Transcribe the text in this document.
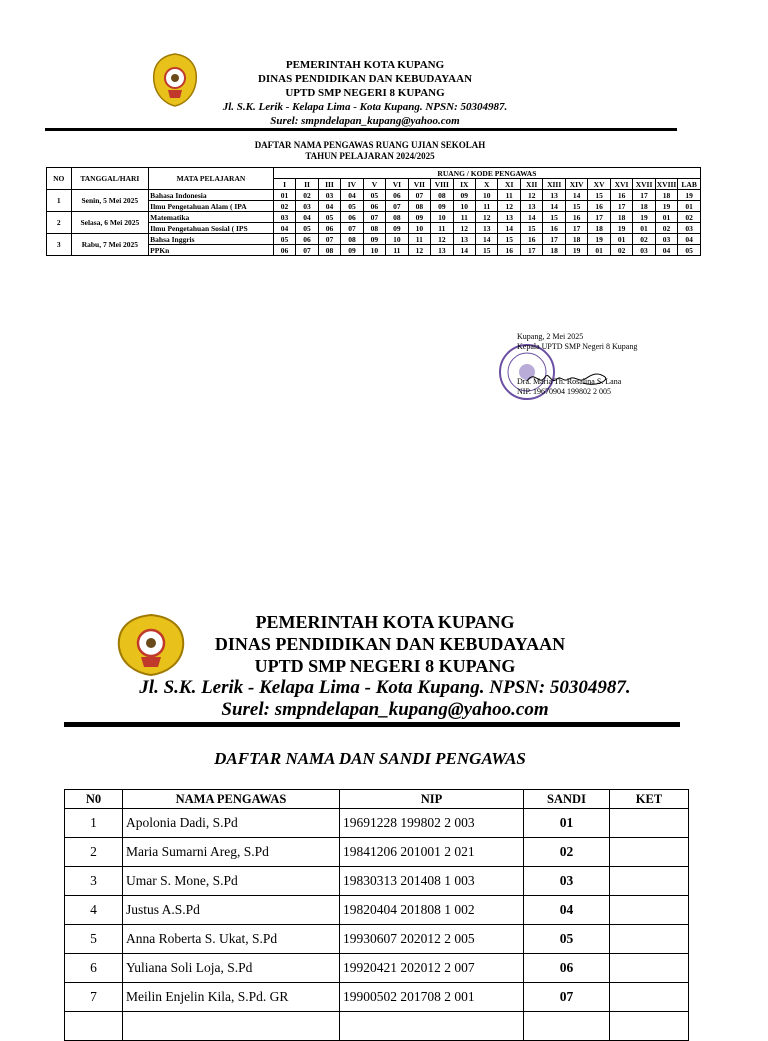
PEMERINTAH KOTA KUPANG
DINAS PENDIDIKAN DAN KEBUDAYAAN
UPTD SMP NEGERI 8 KUPANG
Jl. S.K. Lerik - Kelapa Lima - Kota Kupang. NPSN: 50304987.
Surel: smpndelapan_kupang@yahoo.com
DAFTAR NAMA PENGAWAS RUANG UJIAN SEKOLAH
TAHUN PELAJARAN 2024/2025
NO	TANGGAL/HARI	MATA PELAJARAN	RUANG / KODE PENGAWAS																		
			I	II	III	IV	V	VI	VII	VIII	IX	X	XI	XII	XIII	XIV	XV	XVI	XVII	XVIII	LAB
1	Senin, 5 Mei 2025	Bahasa Indonesia	01	02	03	04	05	06	07	08	09	10	11	12	13	14	15	16	17	18	19
		Ilmu Pengetahuan Alam ( IPA	02	03	04	05	06	07	08	09	10	11	12	13	14	15	16	17	18	19	01
2	Selasa, 6 Mei 2025	Matematika	03	04	05	06	07	08	09	10	11	12	13	14	15	16	17	18	19	01	02
		Ilmu Pengetahuan Sosial ( IPS	04	05	06	07	08	09	10	11	12	13	14	15	16	17	18	19	01	02	03
3	Rabu, 7 Mei 2025	Bahsa Inggris	05	06	07	08	09	10	11	12	13	14	15	16	17	18	19	01	02	03	04
		PPKn	06	07	08	09	10	11	12	13	14	15	16	17	18	19	01	02	03	04	05
Kupang, 2 Mei 2025
Kepala UPTD SMP Negeri 8 Kupang
Dra. Maria Th. Rosalina S. Lana
NIP. 19670904 199802 2 005
PEMERINTAH KOTA KUPANG
DINAS PENDIDIKAN DAN KEBUDAYAAN
UPTD SMP NEGERI 8 KUPANG
Jl. S.K. Lerik - Kelapa Lima - Kota Kupang. NPSN: 50304987.
Surel: smpndelapan_kupang@yahoo.com
DAFTAR NAMA DAN SANDI PENGAWAS
N0	NAMA PENGAWAS	NIP	SANDI	KET
1	Apolonia Dadi, S.Pd	19691228 199802 2 003	01	
2	Maria Sumarni Areg, S.Pd	19841206 201001 2 021	02	
3	Umar S. Mone, S.Pd	19830313 201408 1 003	03	
4	Justus A.S.Pd	19820404 201808 1 002	04	
5	Anna Roberta S. Ukat, S.Pd	19930607 202012 2 005	05	
6	Yuliana Soli Loja, S.Pd	19920421 202012 2 007	06	
7	Meilin Enjelin Kila, S.Pd. GR	19900502 201708 2 001	07	
